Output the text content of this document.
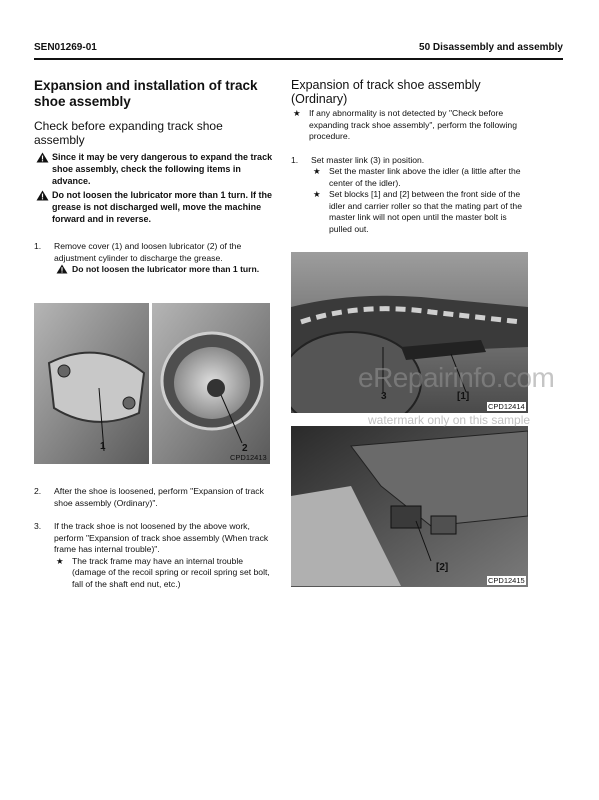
SEN01269-01	50 Disassembly and assembly
Expansion and installation of track shoe assembly
Check before expanding track shoe assembly
Since it may be very dangerous to expand the track shoe assembly, check the following items in advance.
Do not loosen the lubricator more than 1 turn. If the grease is not discharged well, move the machine forward and in reverse.
1. Remove cover (1) and loosen lubricator (2) of the adjustment cylinder to discharge the grease.
Do not loosen the lubricator more than 1 turn.
1	2
CPD12413
2. After the shoe is loosened, perform "Expansion of track shoe assembly (Ordinary)".
3. If the track shoe is not loosened by the above work, perform "Expansion of track shoe assembly (When track frame has internal trouble)".
★ The track frame may have an internal trouble (damage of the recoil spring or recoil spring set bolt, fall of the shaft end nut, etc.)
Expansion of track shoe assembly (Ordinary)
★ If any abnormality is not detected by "Check before expanding track shoe assembly", perform the following procedure.
1. Set master link (3) in position.
★ Set the master link above the idler (a little after the center of the idler).
★ Set blocks [1] and [2] between the front side of the idler and carrier roller so that the mating part of the master link will not open until the master bolt is pulled out.
3	[1]
CPD12414
[2]
CPD12415
eRepairinfo.com
watermark only on this sample
